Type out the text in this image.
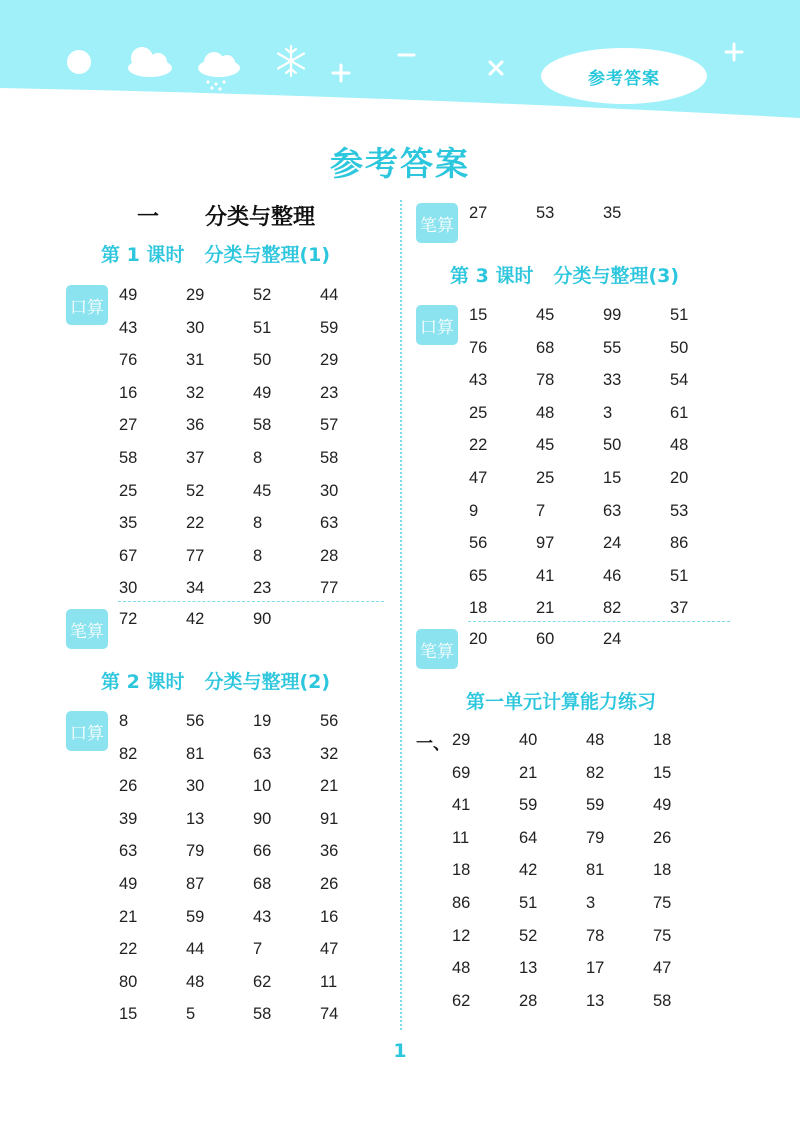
参考答案
参考答案
一 分类与整理
第 1 课时 分类与整理(1)
口算
49	29	52	44
43	30	51	59
76	31	50	29
16	32	49	23
27	36	58	57
58	37	8	58
25	52	45	30
35	22	8	63
67	77	8	28
30	34	23	77
笔算
72	42	90
第 2 课时 分类与整理(2)
口算
8	56	19	56
82	81	63	32
26	30	10	21
39	13	90	91
63	79	66	36
49	87	68	26
21	59	43	16
22	44	7	47
80	48	62	11
15	5	58	74
笔算
27	53	35
第 3 课时 分类与整理(3)
口算
15	45	99	51
76	68	55	50
43	78	33	54
25	48	3	61
22	45	50	48
47	25	15	20
9	7	63	53
56	97	24	86
65	41	46	51
18	21	82	37
笔算
20	60	24
第一单元计算能力练习
一、 29	40	48	18
69	21	82	15
41	59	59	49
11	64	79	26
18	42	81	18
86	51	3	75
12	52	78	75
48	13	17	47
62	28	13	58
1
